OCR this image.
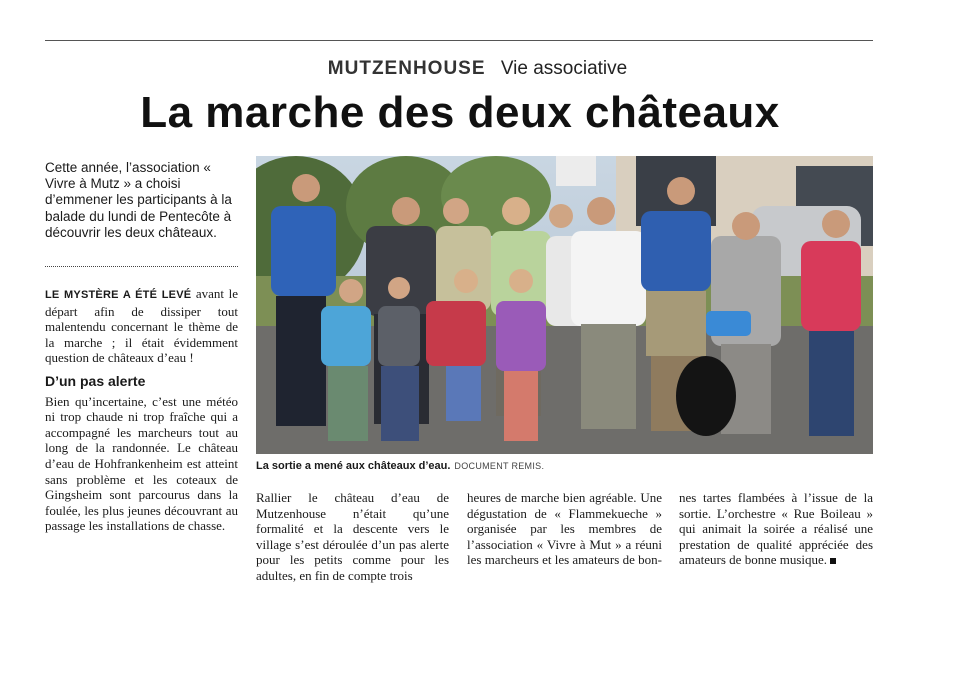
MUTZENHOUSE Vie associative
La marche des deux châteaux
Cette année, l’association « Vivre à Mutz » a choisi d’emmener les participants à la balade du lundi de Pentecôte à découvrir les deux châteaux.
LE MYSTÈRE A ÉTÉ LEVÉ avant le départ afin de dissiper tout malentendu concernant le thème de la marche ; il était évidemment question de châteaux d’eau !
D’un pas alerte
Bien qu’incertaine, c’est une météo ni trop chaude ni trop fraîche qui a accompagné les marcheurs tout au long de la randonnée. Le château d’eau de Hohfrankenheim est atteint sans problème et les coteaux de Gingsheim sont parcourus dans la foulée, les plus jeunes découvrant au passage les installations de chasse.
La sortie a mené aux châteaux d’eau. DOCUMENT REMIS.
Rallier le château d’eau de Mutzenhouse n’était qu’une formalité et la descente vers le village s’est déroulée d’un pas alerte pour les petits comme pour les adultes, en fin de compte trois
heures de marche bien agréable. Une dégustation de « Flammekueche » organisée par les membres de l’association « Vivre à Mut » a réuni les marcheurs et les amateurs de bon-
nes tartes flambées à l’issue de la sortie. L’orchestre « Rue Boileau » qui animait la soirée a réalisé une prestation de qualité appréciée des amateurs de bonne musique.
